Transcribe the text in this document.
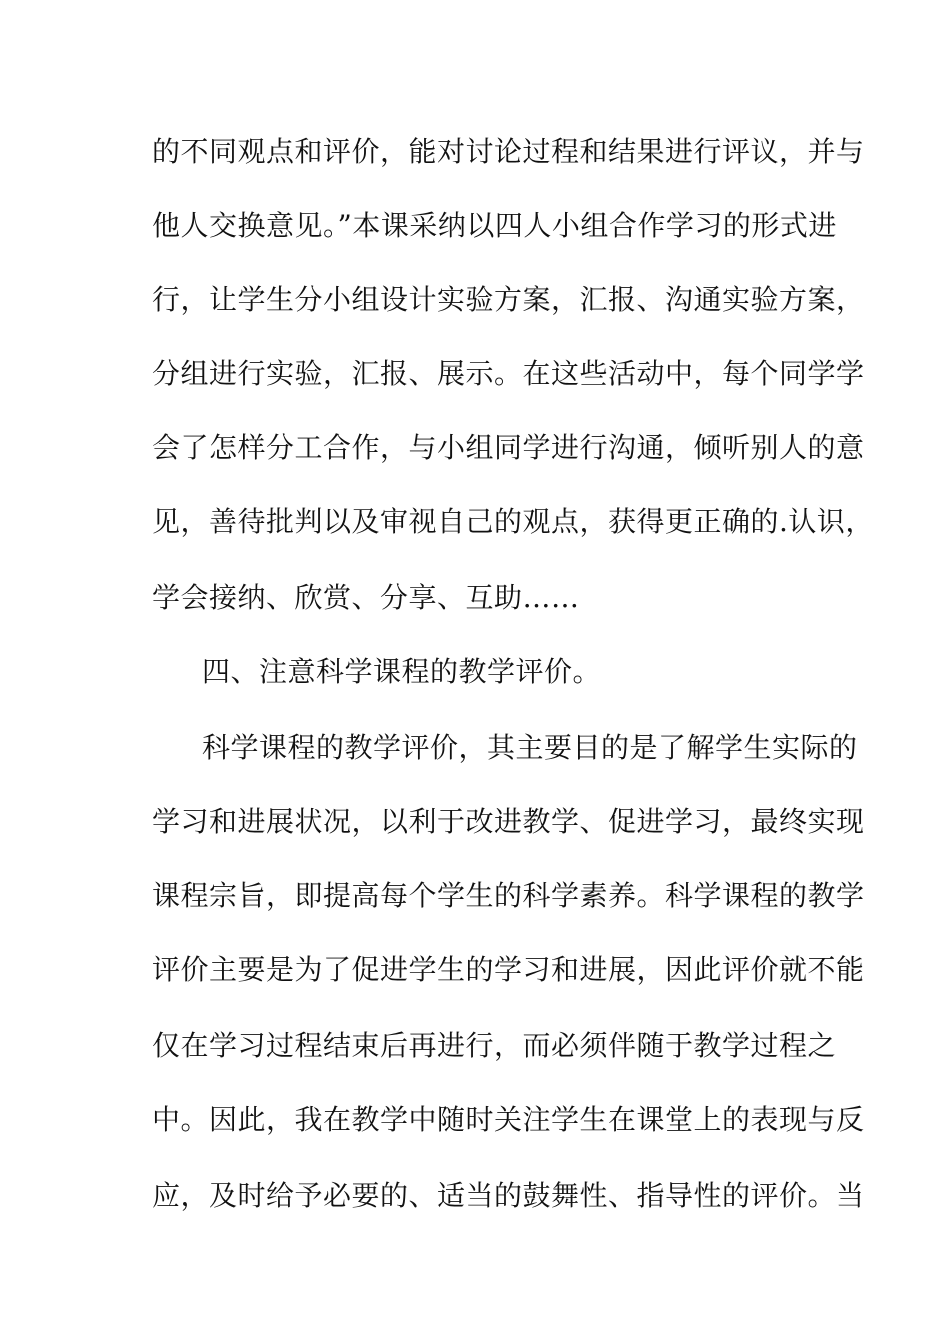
的不同观点和评价，能对讨论过程和结果进行评议，并与
他人交换意见。”本课采纳以四人小组合作学习的形式进
行，让学生分小组设计实验方案，汇报、沟通实验方案，
分组进行实验，汇报、展示。在这些活动中，每个同学学
会了怎样分工合作，与小组同学进行沟通，倾听别人的意
见，善待批判以及审视自己的观点，获得更正确的.认识，
学会接纳、欣赏、分享、互助……
四、注意科学课程的教学评价。
科学课程的教学评价，其主要目的是了解学生实际的
学习和进展状况，以利于改进教学、促进学习，最终实现
课程宗旨，即提高每个学生的科学素养。科学课程的教学
评价主要是为了促进学生的学习和进展，因此评价就不能
仅在学习过程结束后再进行，而必须伴随于教学过程之
中。因此，我在教学中随时关注学生在课堂上的表现与反
应，及时给予必要的、适当的鼓舞性、指导性的评价。当
